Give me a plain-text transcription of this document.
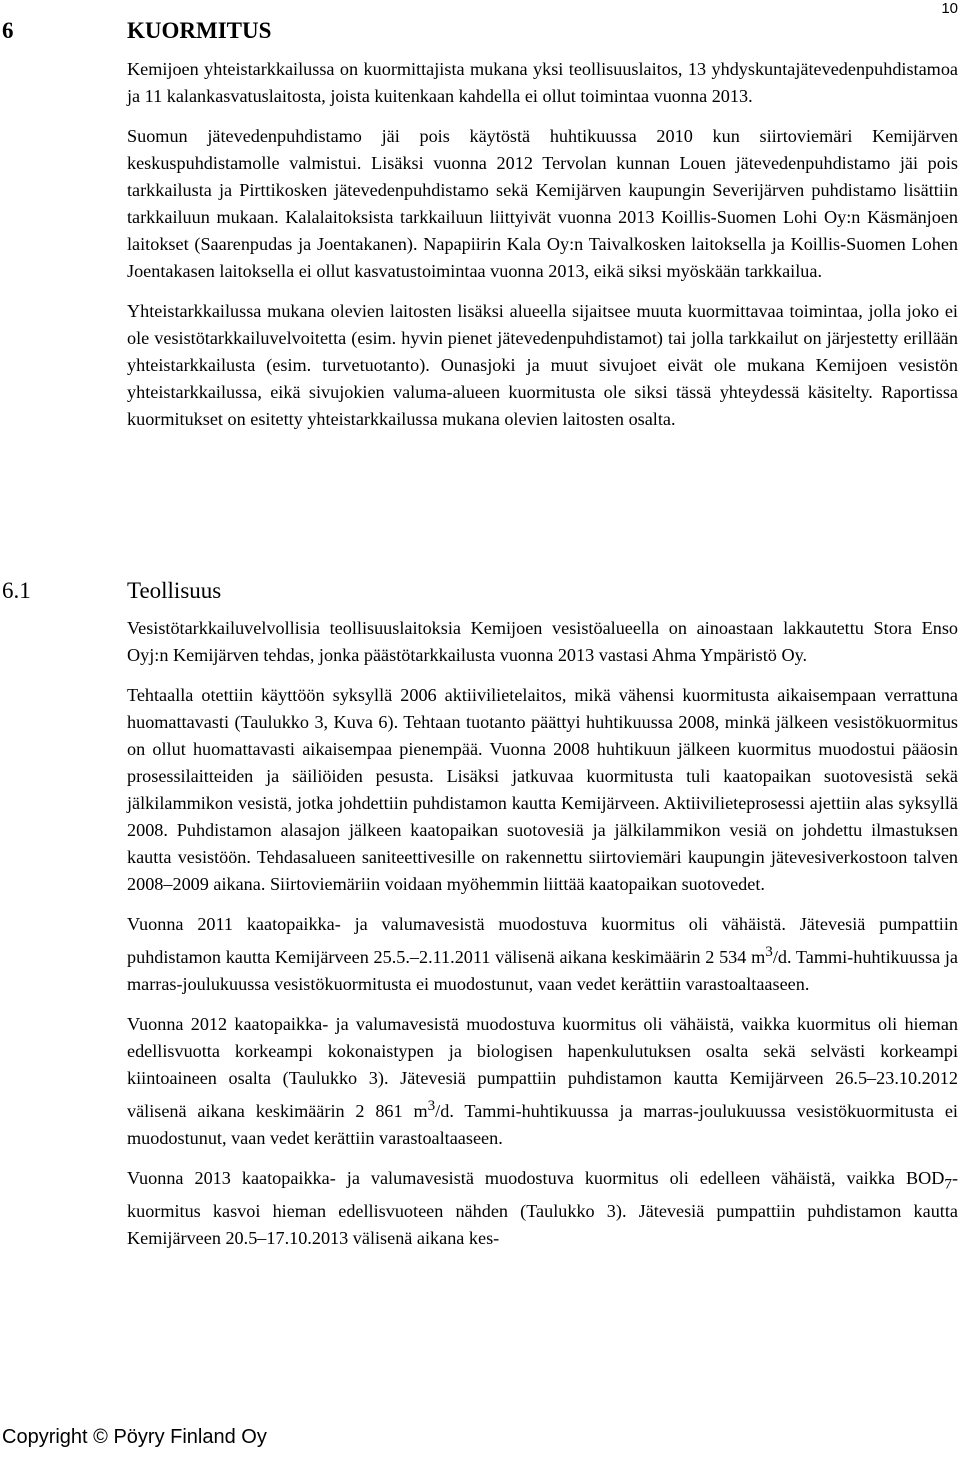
10
6	KUORMITUS

Kemijoen yhteistarkkailussa on kuormittajista mukana yksi teollisuuslaitos, 13 yhdyskuntajätevedenpuhdistamoa ja 11 kalankasvatuslaitosta, joista kuitenkaan kahdella ei ollut toimintaa vuonna 2013.

Suomun jätevedenpuhdistamo jäi pois käytöstä huhtikuussa 2010 kun siirtoviemäri Kemijärven keskuspuhdistamolle valmistui. Lisäksi vuonna 2012 Tervolan kunnan Louen jätevedenpuhdistamo jäi pois tarkkailusta ja Pirttikosken jätevedenpuhdistamo sekä Kemijärven kaupungin Severijärven puhdistamo lisättiin tarkkailuun mukaan. Kalalaitoksista tarkkailuun liittyivät vuonna 2013 Koillis-Suomen Lohi Oy:n Käsmänjoen laitokset (Saarenpudas ja Joentakanen). Napapiirin Kala Oy:n Taivalkosken laitoksella ja Koillis-Suomen Lohen Joentakasen laitoksella ei ollut kasvatustoimintaa vuonna 2013, eikä siksi myöskään tarkkailua.

Yhteistarkkailussa mukana olevien laitosten lisäksi alueella sijaitsee muuta kuormittavaa toimintaa, jolla joko ei ole vesistötarkkailuvelvoitetta (esim. hyvin pienet jätevedenpuhdistamot) tai jolla tarkkailut on järjestetty erillään yhteistarkkailusta (esim. turvetuotanto). Ounasjoki ja muut sivujoet eivät ole mukana Kemijoen vesistön yhteistarkkailussa, eikä sivujokien valuma-alueen kuormitusta ole siksi tässä yhteydessä käsitelty. Raportissa kuormitukset on esitetty yhteistarkkailussa mukana olevien laitosten osalta.

6.1	Teollisuus

Vesistötarkkailuvelvollisia teollisuuslaitoksia Kemijoen vesistöalueella on ainoastaan lakkautettu Stora Enso Oyj:n Kemijärven tehdas, jonka päästötarkkailusta vuonna 2013 vastasi Ahma Ympäristö Oy.

Tehtaalla otettiin käyttöön syksyllä 2006 aktiivilietelaitos, mikä vähensi kuormitusta aikaisempaan verrattuna huomattavasti (Taulukko 3, Kuva 6). Tehtaan tuotanto päättyi huhtikuussa 2008, minkä jälkeen vesistökuormitus on ollut huomattavasti aikaisempaa pienempää. Vuonna 2008 huhtikuun jälkeen kuormitus muodostui pääosin prosessilaitteiden ja säiliöiden pesusta. Lisäksi jatkuvaa kuormitusta tuli kaatopaikan suotovesistä sekä jälkilammikon vesistä, jotka johdettiin puhdistamon kautta Kemijärveen. Aktiivilieteprosessi ajettiin alas syksyllä 2008. Puhdistamon alasajon jälkeen kaatopaikan suotovesiä ja jälkilammikon vesiä on johdettu ilmastuksen kautta vesistöön. Tehdasalueen saniteettivesille on rakennettu siirtoviemäri kaupungin jätevesiverkostoon talven 2008–2009 aikana. Siirtoviemäriin voidaan myöhemmin liittää kaatopaikan suotovedet.

Vuonna 2011 kaatopaikka- ja valumavesistä muodostuva kuormitus oli vähäistä. Jätevesiä pumpattiin puhdistamon kautta Kemijärveen 25.5.–2.11.2011 välisenä aikana keskimäärin 2 534 $m^3/d$. Tammi-huhtikuussa ja marras-joulukuussa vesistökuormitusta ei muodostunut, vaan vedet kerättiin varastoaltaaseen.

Vuonna 2012 kaatopaikka- ja valumavesistä muodostuva kuormitus oli vähäistä, vaikka kuormitus oli hieman edellisvuotta korkeampi kokonaistypen ja biologisen hapenkulutuksen osalta sekä selvästi korkeampi kiintoaineen osalta (Taulukko 3). Jätevesiä pumpattiin puhdistamon kautta Kemijärveen 26.5–23.10.2012 välisenä aikana keskimäärin 2 861 $m^3/d$. Tammi-huhtikuussa ja marras-joulukuussa vesistökuormitusta ei muodostunut, vaan vedet kerättiin varastoaltaaseen.

Vuonna 2013 kaatopaikka- ja valumavesistä muodostuva kuormitus oli edelleen vähäistä, vaikka $BOD_7$-kuormitus kasvoi hieman edellisvuoteen nähden (Taulukko 3). Jätevesiä pumpattiin puhdistamon kautta Kemijärveen 20.5–17.10.2013 välisenä aikana kes-

Copyright © Pöyry Finland Oy
